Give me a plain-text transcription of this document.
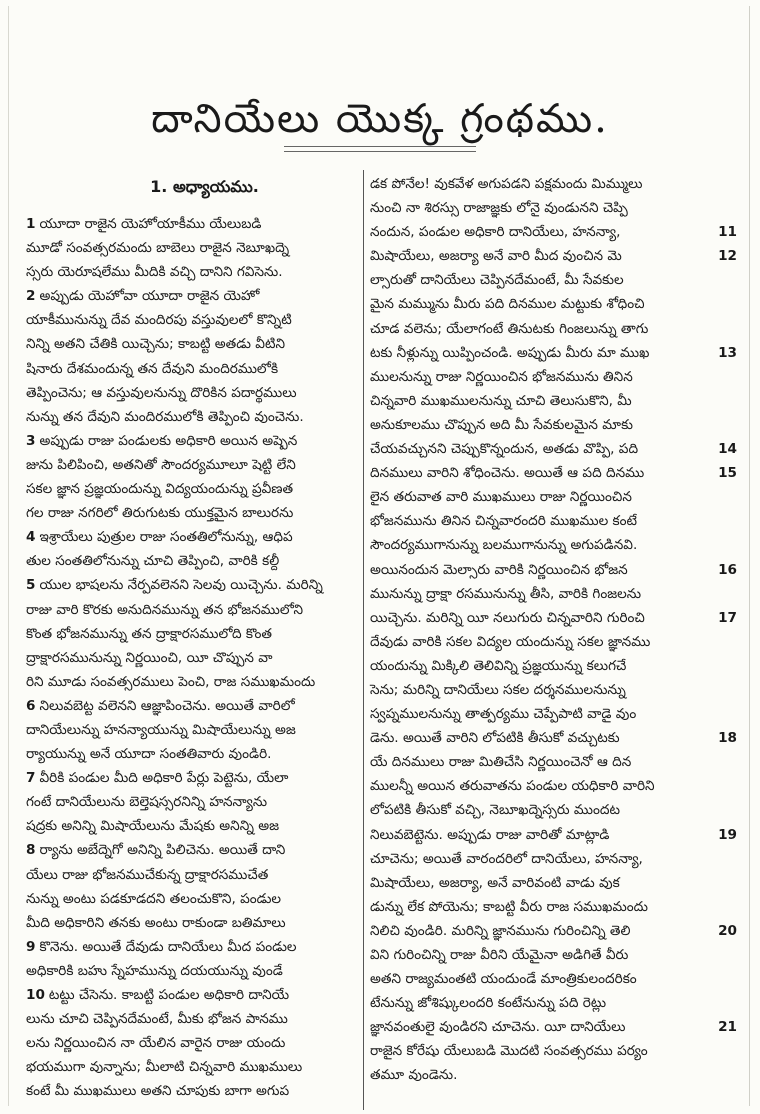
దానియేలు యొక్క గ్రంథము.
1. అధ్యాయము.
1 యూదా రాజైన యెహోయాకీము యేలుబడి
మూడో సంవత్సరమందు బాబెలు రాజైన నెబూఖద్నె
స్సరు యెరూషలేము మీదికి వచ్చి దానిని గవిసెను.
2 అప్పుడు యెహోవా యూదా రాజైన యెహో
యాకీమునున్ను దేవ మందిరపు వస్తువులలో కొన్నిటి
నిన్ని అతని చేతికి యిచ్చెను; కాబట్టి అతడు వీటిని
షినారు దేశమందున్న తన దేవుని మందిరములోకి
తెప్పించెను; ఆ వస్తువులనున్ను దొరికిన పదార్థములు
నున్ను తన దేవుని మందిరములోకి తెప్పించి వుంచెను.
3 అప్పుడు రాజు పండులకు అధికారి అయిన అష్పెన
జును పిలిపించి, అతనితో సౌందర్యమూలూ షెట్టి లేని
సకల జ్ఞాన ప్రజ్ఞయందున్ను విద్యయందున్ను ప్రవీణత
గల రాజు నగరిలో తిరుగుటకు యుక్తమైన బాలురను
4 ఇశ్రాయేలు పుత్రుల రాజు సంతతిలోనున్ను, ఆధిప
తుల సంతతిలోనున్ను చూచి తెప్పించి, వారికి కల్దీ
5 యుల భాషలను నేర్పవలెనని సెలవు యిచ్చెను. మరిన్ని
రాజు వారి కొరకు అనుదినమున్ను తన భోజనములోని
కొంత భోజనమున్ను తన ద్రాక్షారసములోది కొంత
ద్రాక్షారసమునున్ను నిర్ణయించి, యీ చొప్పున వా
రిని మూడు సంవత్సరములు పెంచి, రాజ సముఖమందు
6 నిలువబెట్ట వలెనని ఆజ్ఞాపించెను. అయితే వారిలో
దానియేలున్ను హనన్యాయున్ను మిషాయేలున్ను అజ
ర్యాయున్ను అనే యూదా సంతతివారు వుండిరి.
7 వీరికి పండుల మీది అధికారి పేర్లు పెట్టెను, యేలా
గంటే దానియేలును బెల్తెషస్సరనిన్ని హనన్యాను
షద్రకు అనిన్ని మిషాయేలును మేషకు అనిన్ని అజ
8 ర్యాను అబేద్నెగో అనిన్ని పిలిచెను. అయితే దాని
యేలు రాజు భోజనముచేకున్న ద్రాక్షారసముచేత
నున్ను అంటు పడకూడదని తలంచుకొని, పండుల
మీది అధికారిని తనకు అంటు రాకుండా బతిమాలు
9 కొనెను. అయితే దేవుడు దానియేలు మీద పండుల
అధికారికి బహు స్నేహమున్ను దయయున్ను వుండే
10 టట్టు చేసెను. కాబట్టి పండుల అధికారి దానియే
లును చూచి చెప్పినదేమంటే, మీకు భోజన పానము
లను నిర్ణయించిన నా యేలిన వారైన రాజు యందు
భయముగా వున్నాను; మీలాటి చిన్నవారి ముఖములు
కంటే మీ ముఖములు అతని చూపుకు బాగా అగుప
డక పోనేల! వుకవేళ అగుపడని పక్షమందు మిమ్ములు
నుంచి నా శిరస్సు రాజాజ్ఞకు లోనై వుండునని చెప్పి
11
నందున, పండుల అధికారి దానియేలు, హనన్యా,
12
మిషాయేలు, అజర్యా అనే వారి మీద వుంచిన మె
ల్సారుతో దానియేలు చెప్పినదేమంటే, మీ సేవకుల
మైన మమ్మును మీరు పది దినముల మట్టుకు శోధించి
చూడ వలెను; యేలాగంటే తినుటకు గింజలున్ను తాగు
13
టకు నీళ్లున్ను యిప్పించండి. అప్పుడు మీరు మా ముఖ
ములనున్ను రాజు నిర్ణయించిన భోజనమును తినిన
చిన్నవారి ముఖములనున్ను చూచి తెలుసుకొని, మీ
అనుకూలము చొప్పున అది మీ సేవకులమైన మాకు
14
చేయవచ్చునని చెప్పుకొన్నందున, అతడు వొప్పి, పది
15
దినములు వారిని శోధించెను. అయితే ఆ పది దినము
లైన తరువాత వారి ముఖములు రాజు నిర్ణయించిన
భోజనమును తినిన చిన్నవారందరి ముఖముల కంటే
సౌందర్యముగానున్ను బలముగానున్ను అగుపడినవి.
16
అయినందున మెల్సారు వారికి నిర్ణయించిన భోజన
మునున్ను ద్రాక్షా రసమునున్ను తీసి, వారికి గింజలను
17
యిచ్చెను. మరిన్ని యీ నలుగురు చిన్నవారిని గురించి
దేవుడు వారికి సకల విద్యల యందున్ను సకల జ్ఞానము
యందున్ను మిక్కిలి తెలివిన్ని ప్రజ్ఞయున్ను కలుగచే
సెను; మరిన్ని దానియేలు సకల దర్శనములనున్ను
స్వప్నములనున్ను తాత్పర్యము చెప్పేపాటి వాడై వుం
18
డెను. అయితే వారిని లోపటికి తీసుకో వచ్చుటకు
యే దినములు రాజు మితిచేసి నిర్ణయించెనో ఆ దిన
ములన్నీ అయిన తరువాతను పండుల యధికారి వారిని
లోపటికి తీసుకో వచ్చి, నెబూఖద్నెస్సరు ముందట
19
నిలువబెట్టెను. అప్పుడు రాజు వారితో మాట్లాడి
చూచెను; అయితే వారందరిలో దానియేలు, హనన్యా,
మిషాయేలు, అజర్యా, అనే వారివంటి వాడు వుక
డున్ను లేక పోయెను; కాబట్టి వీరు రాజ సముఖమందు
20
నిలిచి వుండిరి. మరిన్ని జ్ఞానమును గురించిన్ని తెలి
విని గురించిన్ని రాజు వీరిని యేమైనా అడిగితే వీరు
అతని రాజ్యమంతటి యందుండే మాంత్రికులందరికం
టేనున్ను జోశిష్కులందరి కంటేనున్ను పది రెట్లు
21
జ్ఞానవంతులై వుండిరని చూచెను. యీ దానియేలు
రాజైన కోరేషు యేలుబడి మొదటి సంవత్సరము పర్యం
తమూ వుండెను.
